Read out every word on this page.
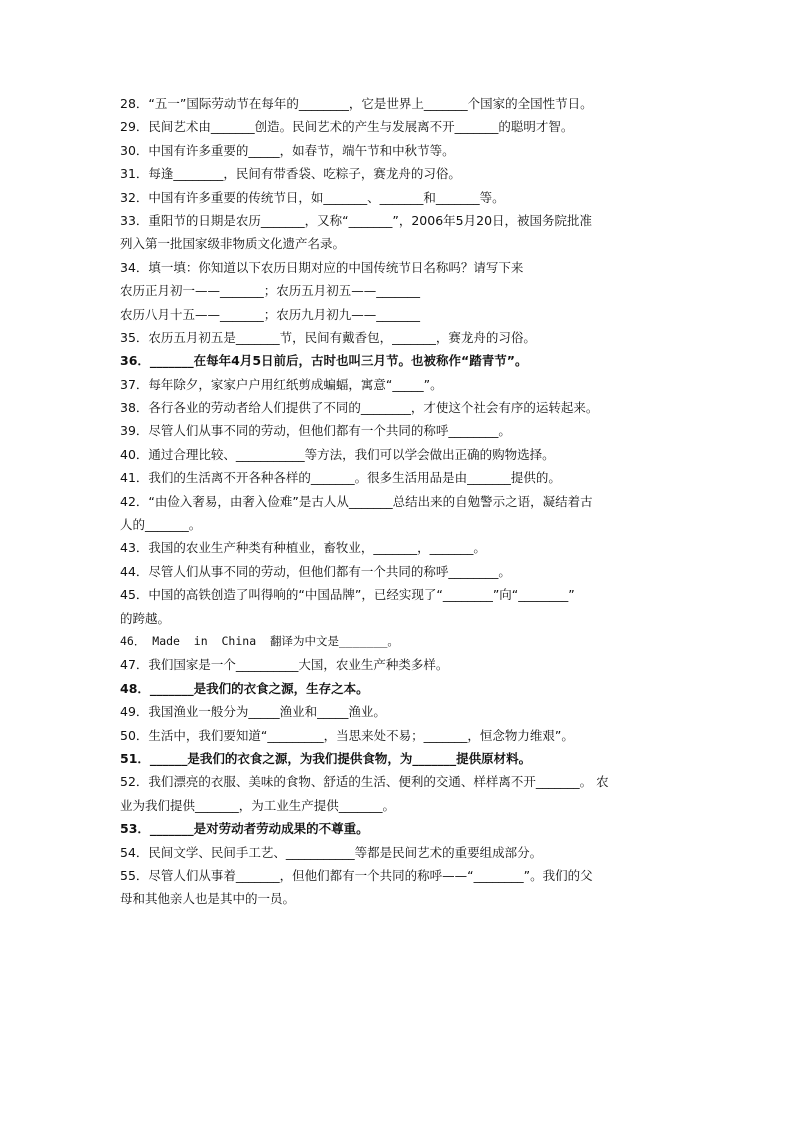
28．“五一”国际劳动节在每年的________，它是世界上_______个国家的全国性节日。
29．民间艺术由_______创造。民间艺术的产生与发展离不开_______的聪明才智。
30．中国有许多重要的_____，如春节，端午节和中秋节等。
31．每逢________，民间有带香袋、吃粽子，赛龙舟的习俗。
32．中国有许多重要的传统节日，如_______、_______和_______等。
33．重阳节的日期是农历_______，又称“_______”，2006年5月20日，被国务院批准
列入第一批国家级非物质文化遗产名录。
34．填一填：你知道以下农历日期对应的中国传统节日名称吗？请写下来
农历正月初一——_______；农历五月初五——_______
农历八月十五——_______；农历九月初九——_______
35．农历五月初五是_______节，民间有戴香包，_______，赛龙舟的习俗。
36．_______在每年4月5日前后，古时也叫三月节。也被称作“踏青节”。
37．每年除夕，家家户户用红纸剪成蝙蝠，寓意“_____”。
38．各行各业的劳动者给人们提供了不同的________，才使这个社会有序的运转起来。
39．尽管人们从事不同的劳动，但他们都有一个共同的称呼________。
40．通过合理比较、___________等方法，我们可以学会做出正确的购物选择。
41．我们的生活离不开各种各样的_______。很多生活用品是由_______提供的。
42．“由俭入奢易，由奢入俭难”是古人从_______总结出来的自勉警示之语，凝结着古
人的_______。
43．我国的农业生产种类有种植业，畜牧业，_______，_______。
44．尽管人们从事不同的劳动，但他们都有一个共同的称呼________。
45．中国的高铁创造了叫得响的“中国品牌”，已经实现了“________”向“________”
的跨越。
46． Made  in  China  翻译为中文是_______。
47．我们国家是一个__________大国，农业生产种类多样。
48．_______是我们的衣食之源，生存之本。
49．我国渔业一般分为_____渔业和_____渔业。
50．生活中，我们要知道“_________，当思来处不易；_______，恒念物力维艰”。
51．______是我们的衣食之源，为我们提供食物，为_______提供原材料。
52．我们漂亮的衣服、美味的食物、舒适的生活、便利的交通、样样离不开_______。 农
业为我们提供_______，为工业生产提供_______。
53．_______是对劳动者劳动成果的不尊重。
54．民间文学、民间手工艺、___________等都是民间艺术的重要组成部分。
55．尽管人们从事着_______，但他们都有一个共同的称呼——“________”。我们的父
母和其他亲人也是其中的一员。
